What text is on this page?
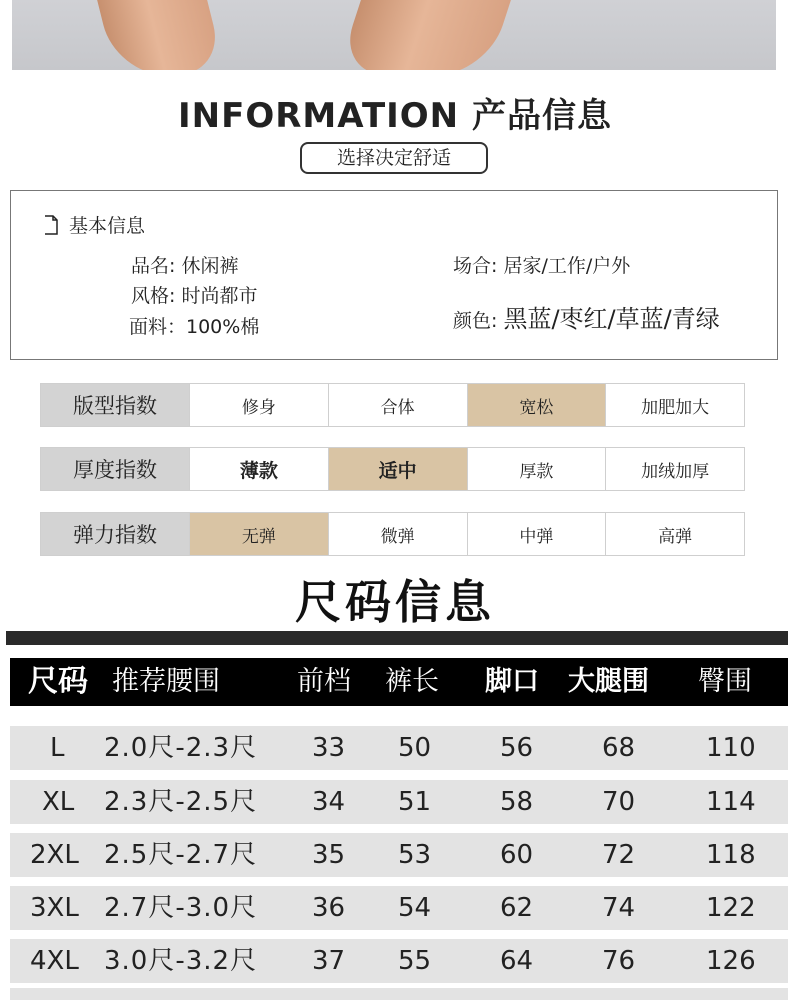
INFORMATION 产品信息
选择决定舒适
基本信息
品名: 休闲裤
风格: 时尚都市
面料：100%棉
场合: 居家/工作/户外
颜色: 黑蓝/枣红/草蓝/青绿
版型指数	修身	合体	宽松	加肥加大
厚度指数	薄款	适中	厚款	加绒加厚
弹力指数	无弹	微弹	中弹	高弹
尺码信息
尺码 推荐腰围	前档 裤长 脚口 大腿围 臀围
L 2.0尺-2.3尺 33 50	56	68	110
XL 2.3尺-2.5尺 34 51	58	70	114
2XL 2.5尺-2.7尺 35 53	60	72	118
3XL 2.7尺-3.0尺 36 54	62	74	122
4XL 3.0尺-3.2尺 37 55	64	76	126
